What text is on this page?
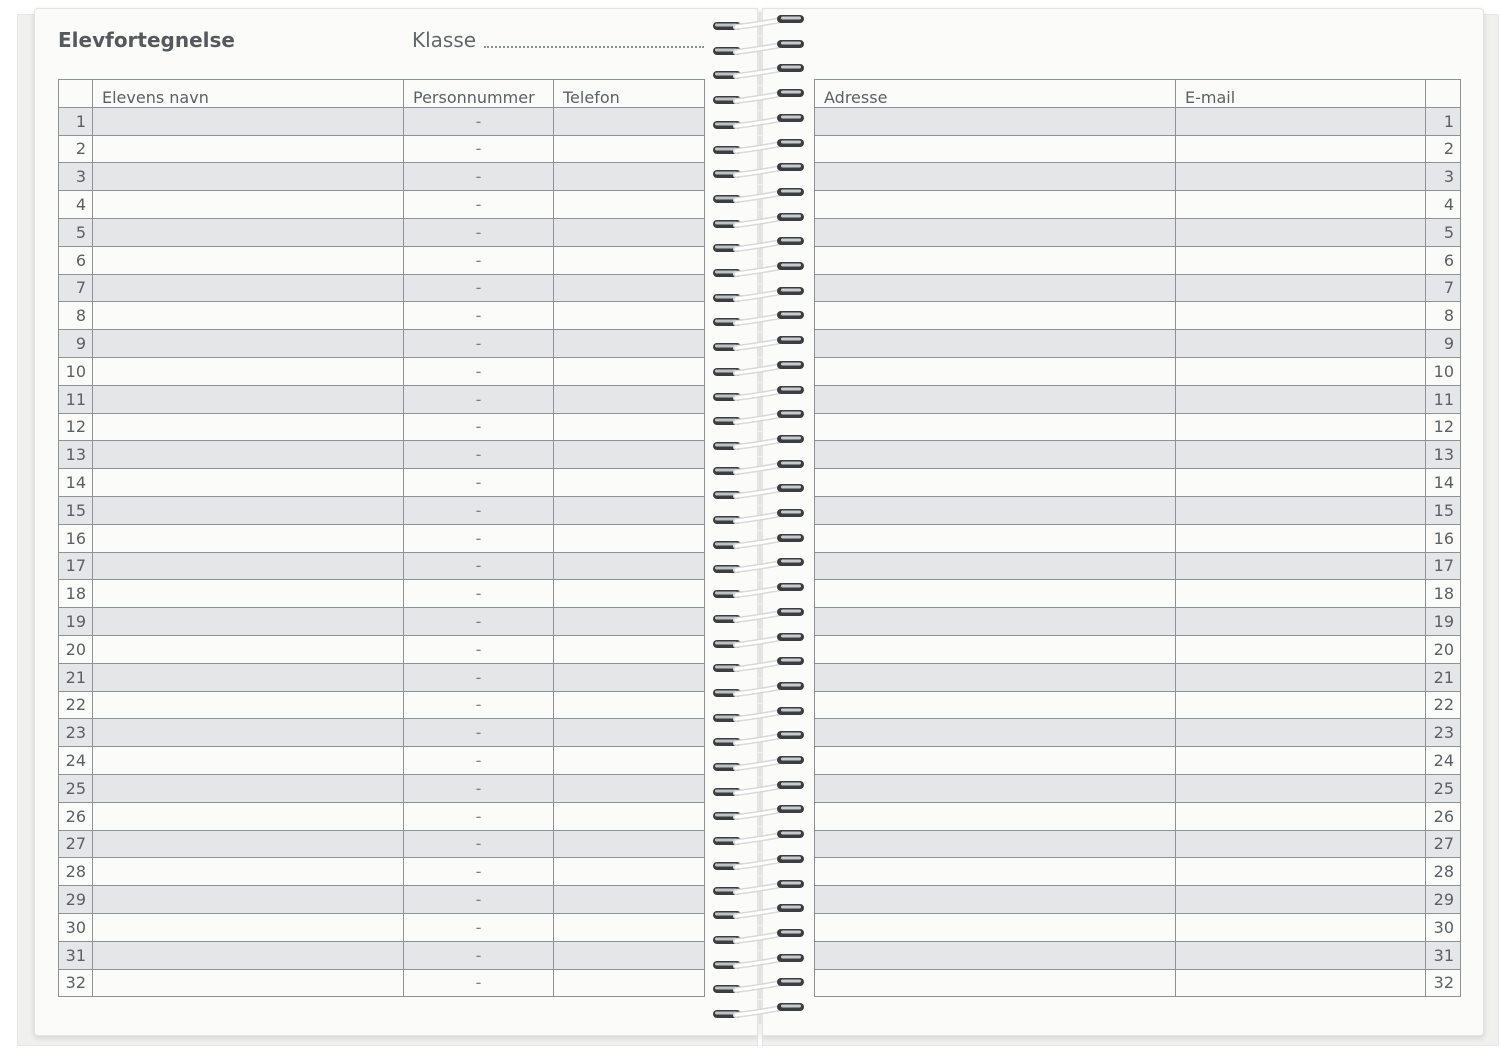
Elevfortegnelse	Klasse
	Elevens navn	Personnummer	Telefon
1		-	
2		-	
3		-	
4		-	
5		-	
6		-	
7		-	
8		-	
9		-	
10		-	
11		-	
12		-	
13		-	
14		-	
15		-	
16		-	
17		-	
18		-	
19		-	
20		-	
21		-	
22		-	
23		-	
24		-	
25		-	
26		-	
27		-	
28		-	
29		-	
30		-	
31		-	
32		-	
Adresse	E-mail	
		1
		2
		3
		4
		5
		6
		7
		8
		9
		10
		11
		12
		13
		14
		15
		16
		17
		18
		19
		20
		21
		22
		23
		24
		25
		26
		27
		28
		29
		30
		31
		32
